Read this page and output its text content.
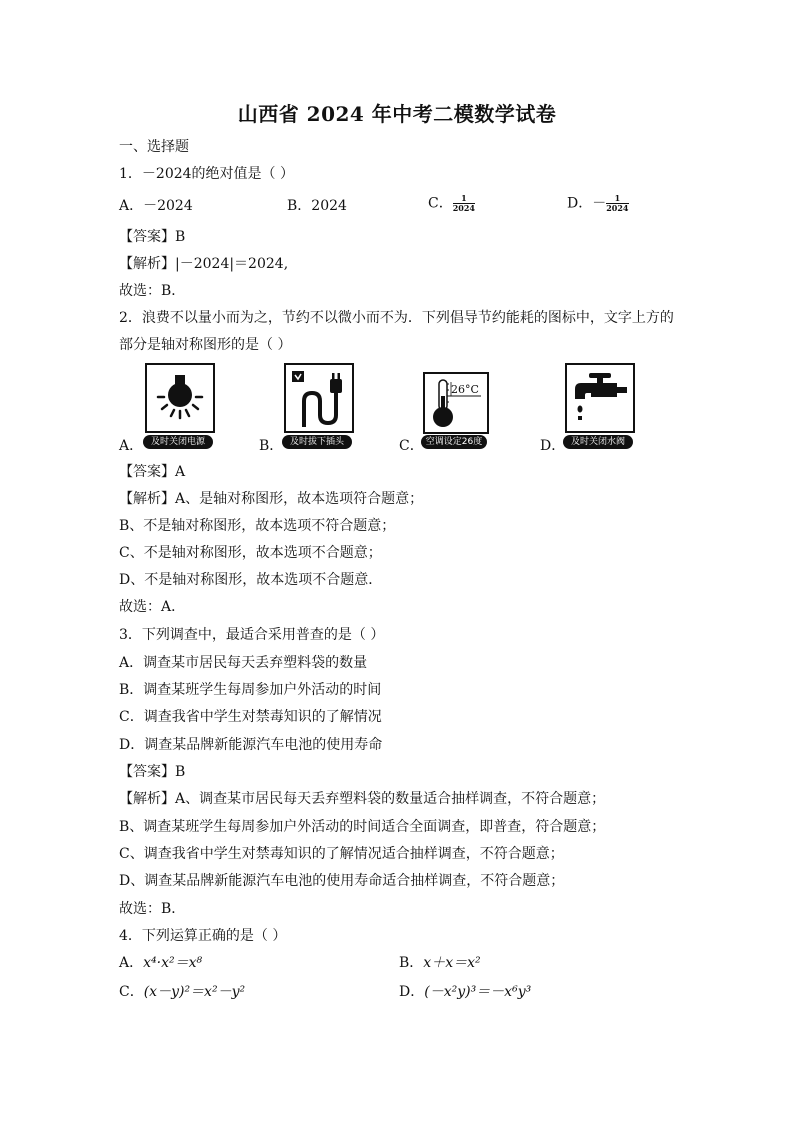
山西省 2024 年中考二模数学试卷
一、选择题
1．－2024的绝对值是（ ）
A．－2024	B．2024	C． $\frac{1}{2024}$	D．－ $\frac{1}{2024}$
【答案】B
【解析】|－2024|＝2024,
故选：B．
2．浪费不以量小而为之，节约不以微小而不为．下列倡导节约能耗的图标中，文字上方的
部分是轴对称图形的是（ ）
及时关闭电源
A．	及时拔下插头
B．
26°C
空调设定26度
C．	及时关闭水阀
D．
【答案】A
【解析】A、是轴对称图形，故本选项符合题意；
B、不是轴对称图形，故本选项不符合题意；
C、不是轴对称图形，故本选项不合题意；
D、不是轴对称图形，故本选项不合题意．
故选：A．
3．下列调查中，最适合采用普查的是（ ）
A．调查某市居民每天丢弃塑料袋的数量
B．调查某班学生每周参加户外活动的时间
C．调查我省中学生对禁毒知识的了解情况
D．调查某品牌新能源汽车电池的使用寿命
【答案】B
【解析】A、调查某市居民每天丢弃塑料袋的数量适合抽样调查，不符合题意；
B、调查某班学生每周参加户外活动的时间适合全面调查，即普查，符合题意；
C、调查我省中学生对禁毒知识的了解情况适合抽样调查，不符合题意；
D、调查某品牌新能源汽车电池的使用寿命适合抽样调查，不符合题意；
故选：B．
4．下列运算正确的是（ ）
A．x⁴·x²＝x⁸	B．x＋x＝x²
C．(x－y)²＝x²－y²	D．(－x²y)³＝－x⁶y³
